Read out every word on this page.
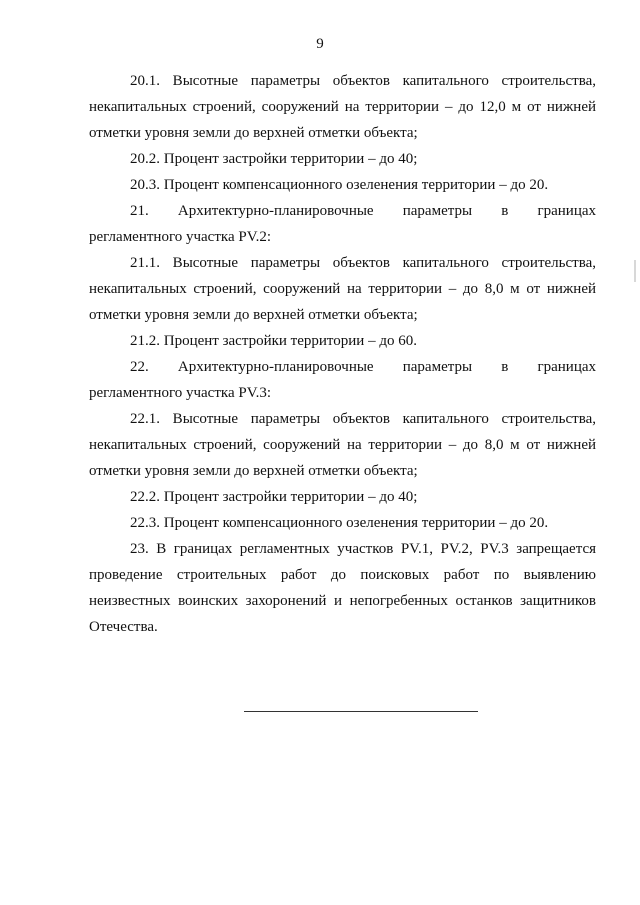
9

20.1. Высотные параметры объектов капитального строительства,
некапитальных строений, сооружений на территории – до 12,0 м от нижней
отметки уровня земли до верхней отметки объекта;

20.2. Процент застройки территории – до 40;

20.3. Процент компенсационного озеленения территории – до 20.

21. Архитектурно-планировочные параметры в границах
регламентного участка PV.2:

21.1. Высотные параметры объектов капитального строительства,
некапитальных строений, сооружений на территории – до 8,0 м от нижней
отметки уровня земли до верхней отметки объекта;

21.2. Процент застройки территории – до 60.

22. Архитектурно-планировочные параметры в границах
регламентного участка PV.3:

22.1. Высотные параметры объектов капитального строительства,
некапитальных строений, сооружений на территории – до 8,0 м от нижней
отметки уровня земли до верхней отметки объекта;

22.2. Процент застройки территории – до 40;

22.3. Процент компенсационного озеленения территории – до 20.

23. В границах регламентных участков PV.1, PV.2, PV.3 запрещается
проведение строительных работ до поисковых работ по выявлению
неизвестных воинских захоронений и непогребенных останков защитников
Отечества.
